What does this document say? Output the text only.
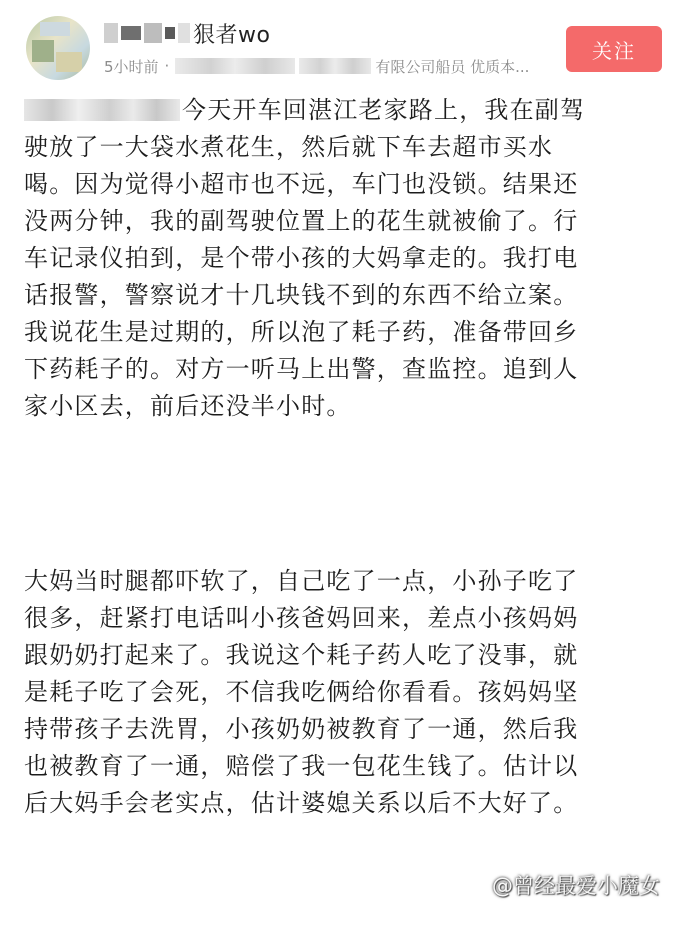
狠者wo
5小时前 ·	有限公司船员 优质本...
关注
今天开车回湛江老家路上，我在副驾
驶放了一大袋水煮花生，然后就下车去超市买水
喝。因为觉得小超市也不远，车门也没锁。结果还
没两分钟，我的副驾驶位置上的花生就被偷了。行
车记录仪拍到，是个带小孩的大妈拿走的。我打电
话报警，警察说才十几块钱不到的东西不给立案。
我说花生是过期的，所以泡了耗子药，准备带回乡
下药耗子的。对方一听马上出警，查监控。追到人
家小区去，前后还没半小时。
大妈当时腿都吓软了，自己吃了一点，小孙子吃了
很多，赶紧打电话叫小孩爸妈回来，差点小孩妈妈
跟奶奶打起来了。我说这个耗子药人吃了没事，就
是耗子吃了会死，不信我吃俩给你看看。孩妈妈坚
持带孩子去洗胃，小孩奶奶被教育了一通，然后我
也被教育了一通，赔偿了我一包花生钱了。估计以
后大妈手会老实点，估计婆媳关系以后不大好了。
@曾经最爱小魔女
